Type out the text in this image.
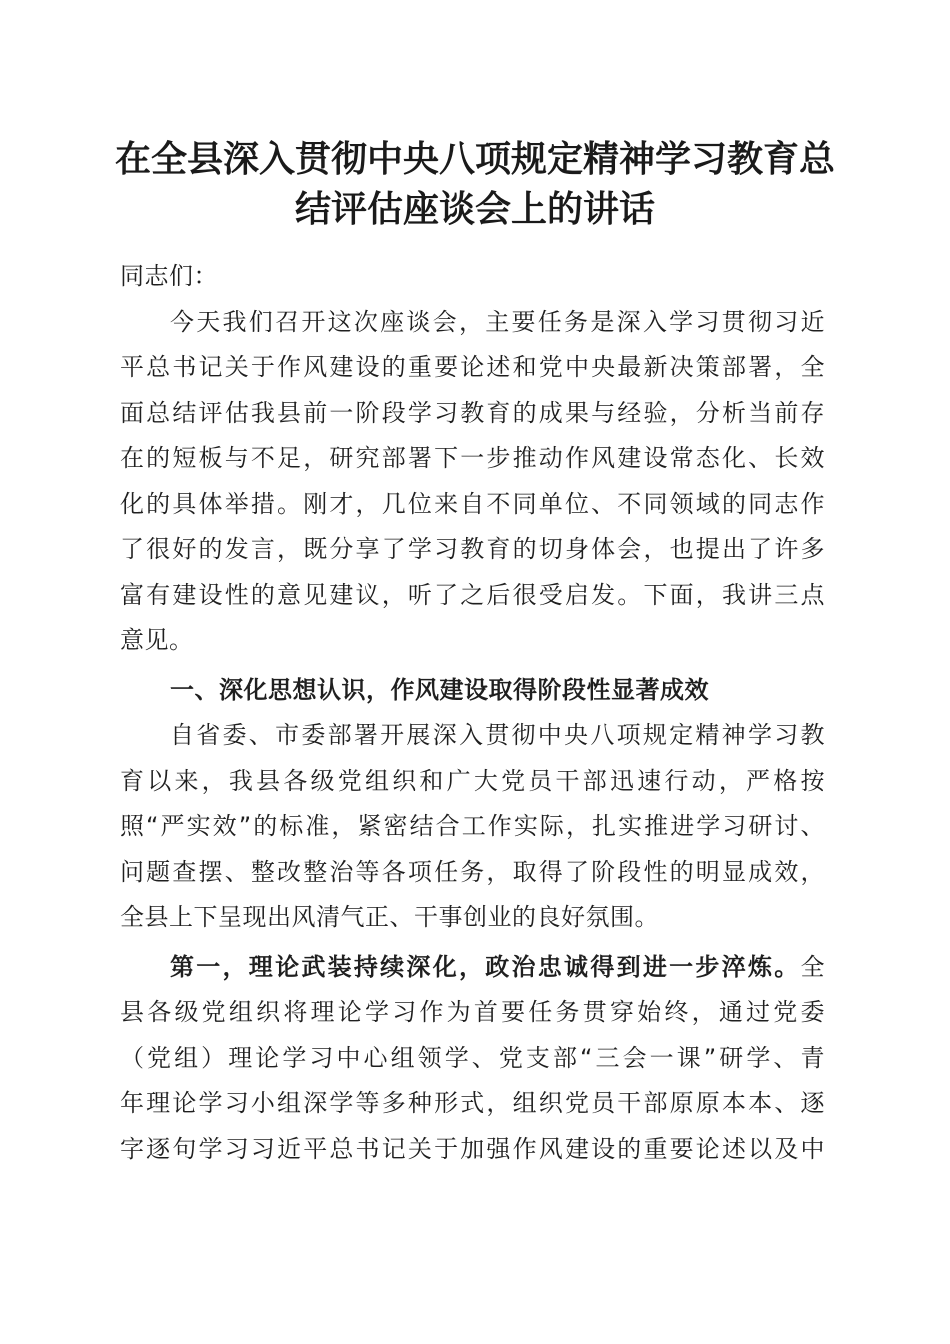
在全县深入贯彻中央八项规定精神学习教育总
结评估座谈会上的讲话
同志们：
今天我们召开这次座谈会，主要任务是深入学习贯彻习近
平总书记关于作风建设的重要论述和党中央最新决策部署，全
面总结评估我县前一阶段学习教育的成果与经验，分析当前存
在的短板与不足，研究部署下一步推动作风建设常态化、长效
化的具体举措。刚才，几位来自不同单位、不同领域的同志作
了很好的发言，既分享了学习教育的切身体会，也提出了许多
富有建设性的意见建议，听了之后很受启发。下面，我讲三点
意见。
一、深化思想认识，作风建设取得阶段性显著成效
自省委、市委部署开展深入贯彻中央八项规定精神学习教
育以来，我县各级党组织和广大党员干部迅速行动，严格按
照“严实效”的标准，紧密结合工作实际，扎实推进学习研讨、
问题查摆、整改整治等各项任务，取得了阶段性的明显成效，
全县上下呈现出风清气正、干事创业的良好氛围。
第一，理论武装持续深化，政治忠诚得到进一步淬炼。全
县各级党组织将理论学习作为首要任务贯穿始终，通过党委
（党组）理论学习中心组领学、党支部“三会一课”研学、青
年理论学习小组深学等多种形式，组织党员干部原原本本、逐
字逐句学习习近平总书记关于加强作风建设的重要论述以及中
